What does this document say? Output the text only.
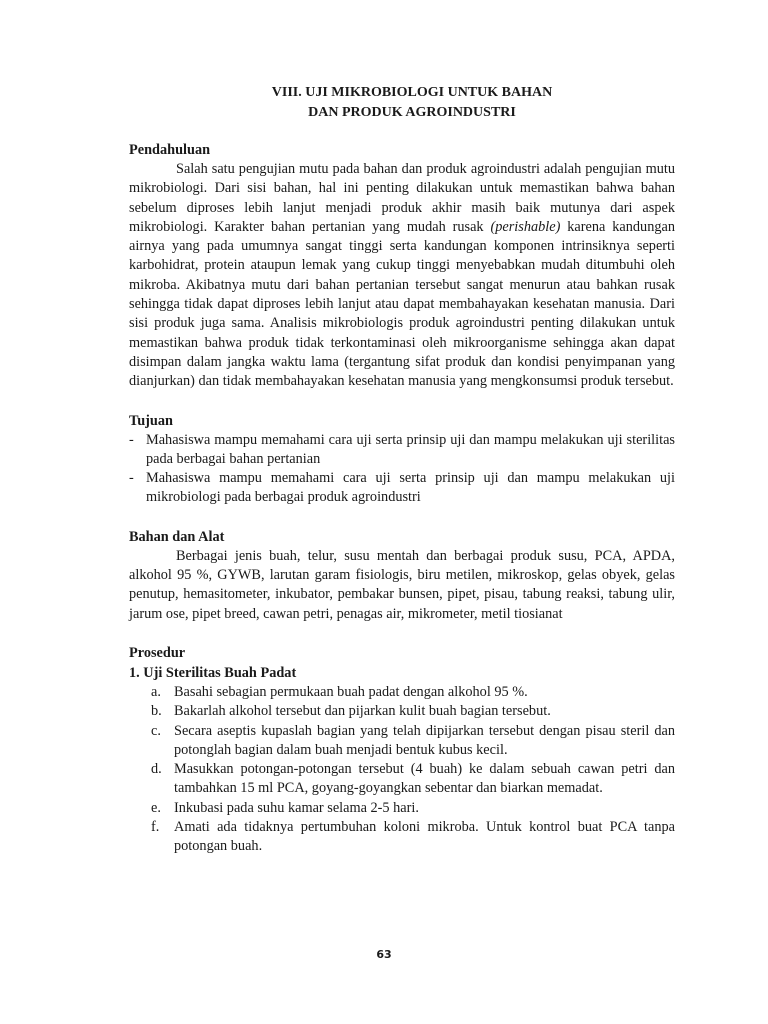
VIII. UJI MIKROBIOLOGI UNTUK BAHAN
DAN PRODUK AGROINDUSTRI
Pendahuluan

Salah satu pengujian mutu pada bahan dan produk agroindustri adalah pengujian mutu mikrobiologi. Dari sisi bahan, hal ini penting dilakukan untuk memastikan bahwa bahan sebelum diproses lebih lanjut menjadi produk akhir masih baik mutunya dari aspek mikrobiologi. Karakter bahan pertanian yang mudah rusak (perishable) karena kandungan airnya yang pada umumnya sangat tinggi serta kandungan komponen intrinsiknya seperti karbohidrat, protein ataupun lemak yang cukup tinggi menyebabkan mudah ditumbuhi oleh mikroba. Akibatnya mutu dari bahan pertanian tersebut sangat menurun atau bahkan rusak sehingga tidak dapat diproses lebih lanjut atau dapat membahayakan kesehatan manusia. Dari sisi produk juga sama. Analisis mikrobiologis produk agroindustri penting dilakukan untuk memastikan bahwa produk tidak terkontaminasi oleh mikroorganisme sehingga akan dapat disimpan dalam jangka waktu lama (tergantung sifat produk dan kondisi penyimpanan yang dianjurkan) dan tidak membahayakan kesehatan manusia yang mengkonsumsi produk tersebut.

Tujuan
- Mahasiswa mampu memahami cara uji serta prinsip uji dan mampu melakukan uji sterilitas pada berbagai bahan pertanian
- Mahasiswa mampu memahami cara uji serta prinsip uji dan mampu melakukan uji mikrobiologi pada berbagai produk agroindustri
Bahan dan Alat

Berbagai jenis buah, telur, susu mentah dan berbagai produk susu, PCA, APDA, alkohol 95 %, GYWB, larutan garam fisiologis, biru metilen, mikroskop, gelas obyek, gelas penutup, hemasitometer, inkubator, pembakar bunsen, pipet, pisau, tabung reaksi, tabung ulir, jarum ose, pipet breed, cawan petri, penagas air, mikrometer, metil tiosianat

Prosedur
1. Uji Sterilitas Buah Padat
a. Basahi sebagian permukaan buah padat dengan alkohol 95 %.
b. Bakarlah alkohol tersebut dan pijarkan kulit buah bagian tersebut.
c. Secara aseptis kupaslah bagian yang telah dipijarkan tersebut dengan pisau steril dan potonglah bagian dalam buah menjadi bentuk kubus kecil.
d. Masukkan potongan-potongan tersebut (4 buah) ke dalam sebuah cawan petri dan tambahkan 15 ml PCA, goyang-goyangkan sebentar dan biarkan memadat.
e. Inkubasi pada suhu kamar selama 2-5 hari.
f. Amati ada tidaknya pertumbuhan koloni mikroba. Untuk kontrol buat PCA tanpa potongan buah.
63
